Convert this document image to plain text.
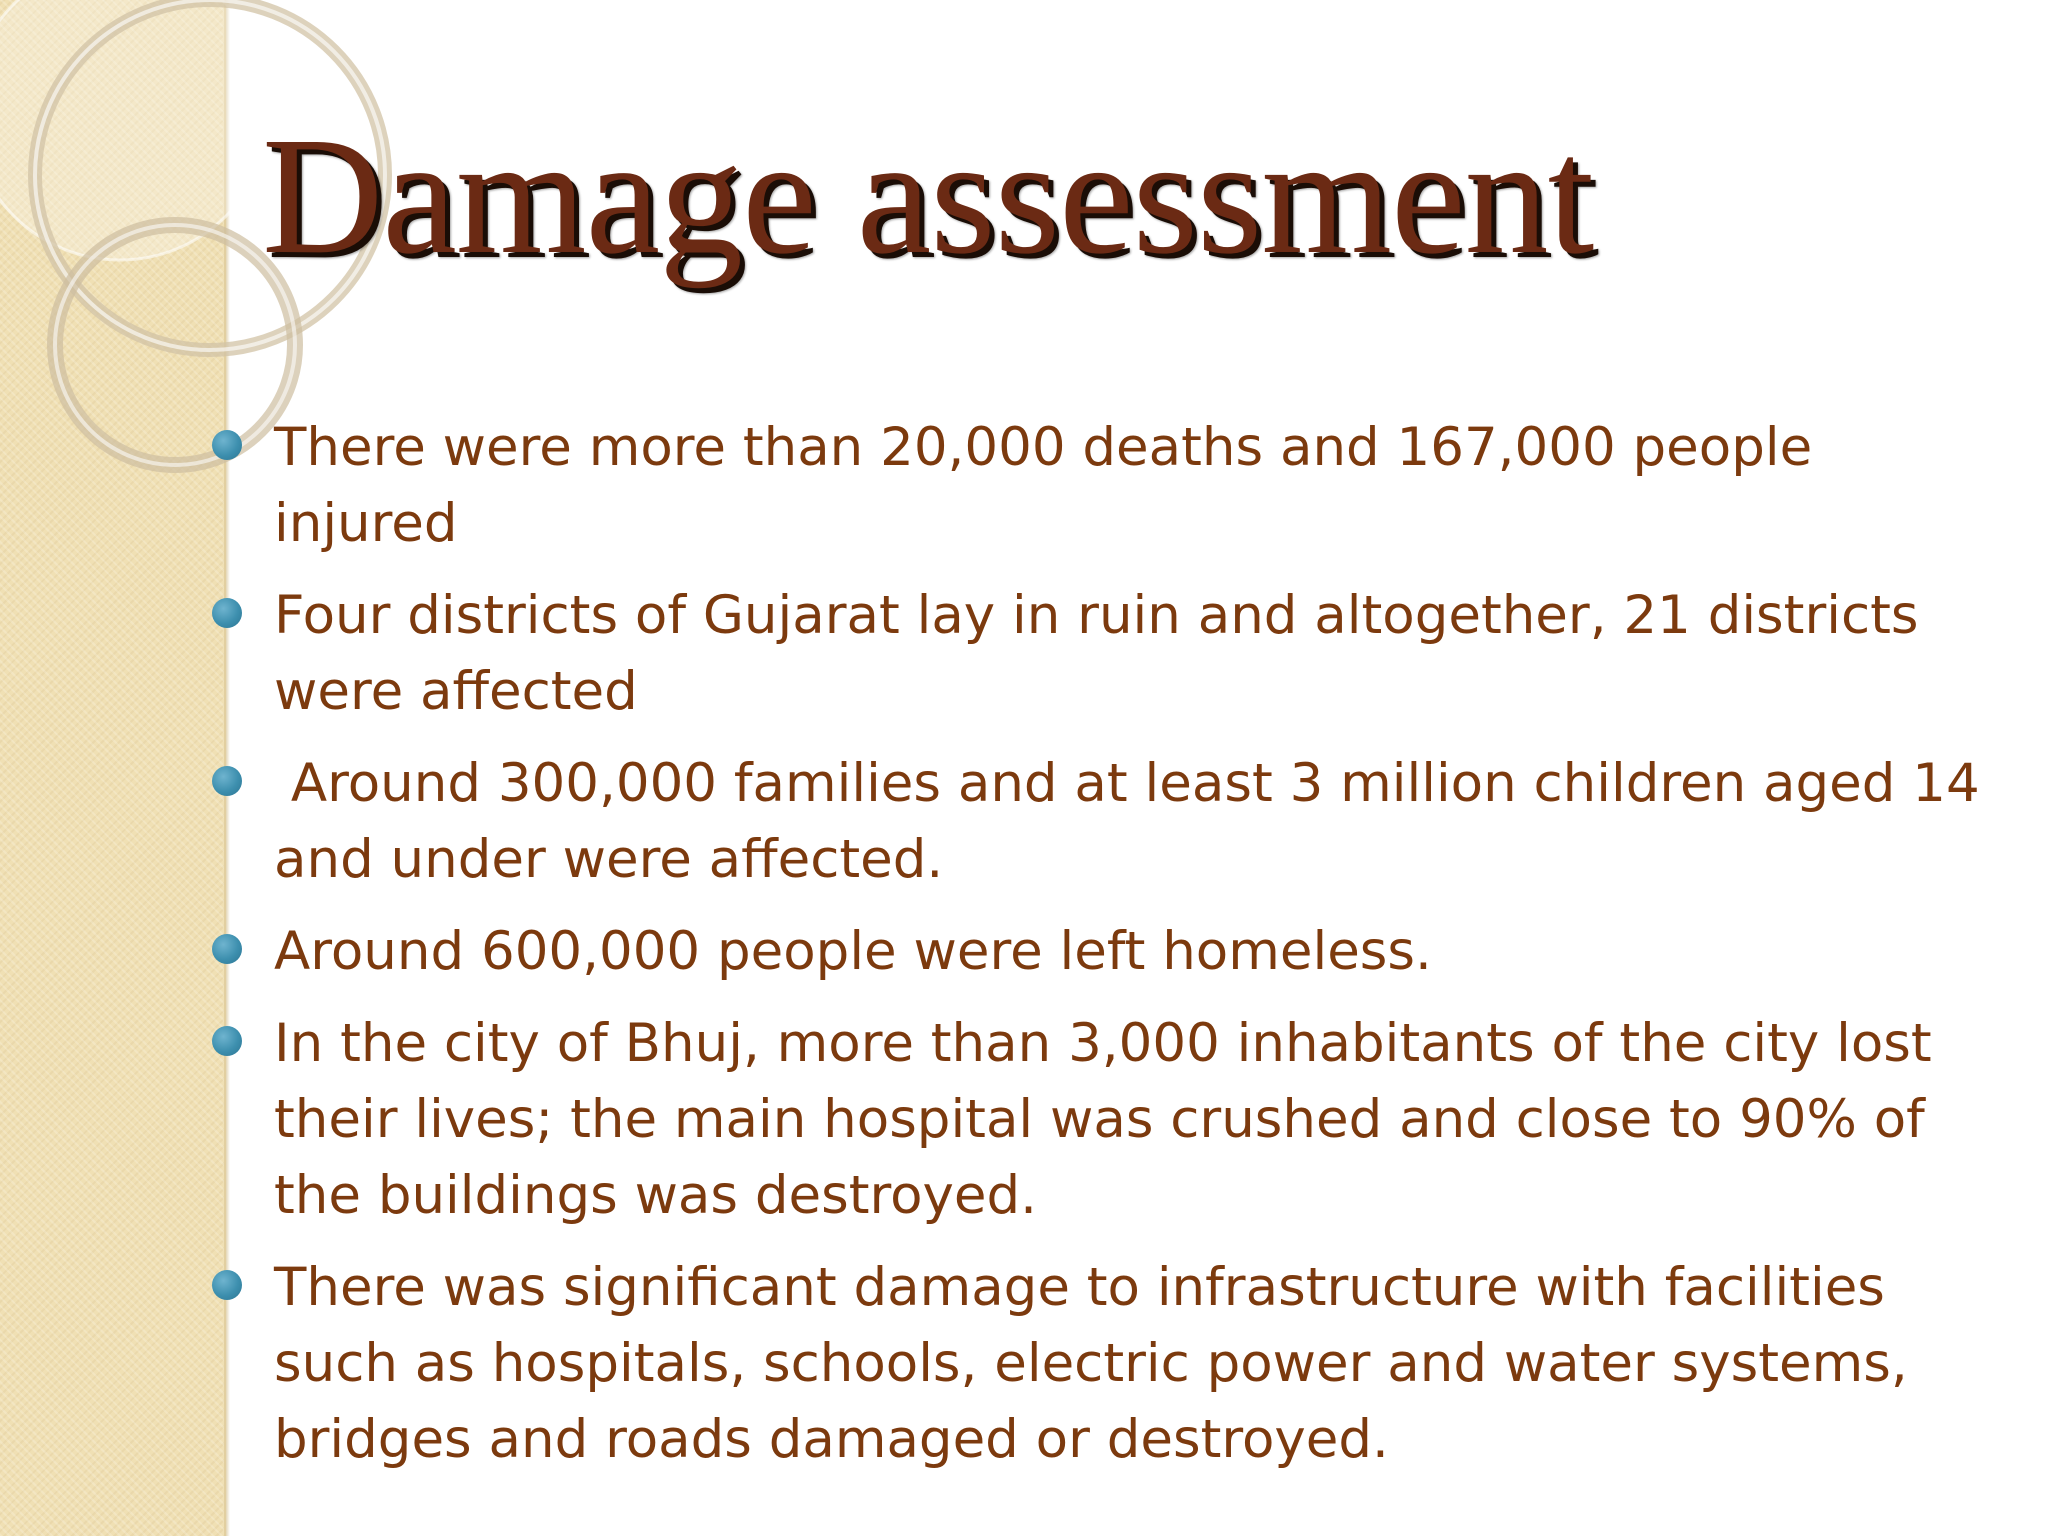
Damage assessment
There were more than 20,000 deaths and 167,000 people injured
Four districts of Gujarat lay in ruin and altogether, 21 districts were affected
Around 300,000 families and at least 3 million children aged 14 and under were affected.
Around 600,000 people were left homeless.
In the city of Bhuj, more than 3,000 inhabitants of the city lost their lives; the main hospital was crushed and close to 90% of the buildings was destroyed.
There was significant damage to infrastructure with facilities such as hospitals, schools, electric power and water systems, bridges and roads damaged or destroyed.
